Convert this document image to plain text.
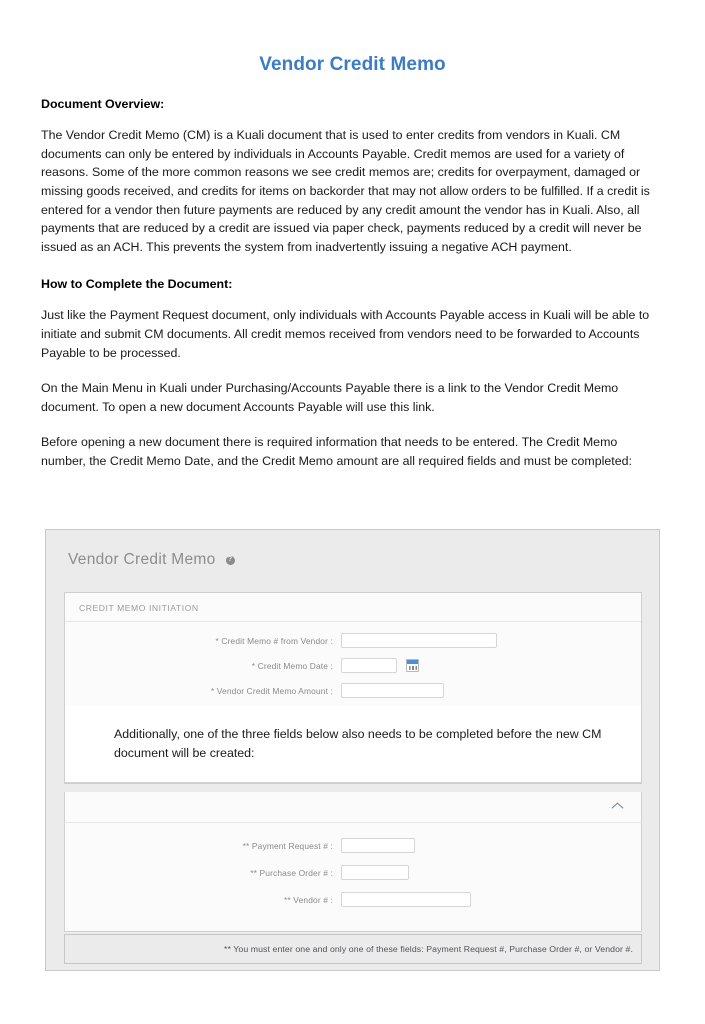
Vendor Credit Memo
Document Overview:

The Vendor Credit Memo (CM) is a Kuali document that is used to enter credits from vendors in Kuali. CM documents can only be entered by individuals in Accounts Payable. Credit memos are used for a variety of reasons. Some of the more common reasons we see credit memos are; credits for overpayment, damaged or missing goods received, and credits for items on backorder that may not allow orders to be fulfilled. If a credit is entered for a vendor then future payments are reduced by any credit amount the vendor has in Kuali. Also, all payments that are reduced by a credit are issued via paper check, payments reduced by a credit will never be issued as an ACH. This prevents the system from inadvertently issuing a negative ACH payment.

How to Complete the Document:

Just like the Payment Request document, only individuals with Accounts Payable access in Kuali will be able to initiate and submit CM documents. All credit memos received from vendors need to be forwarded to Accounts Payable to be processed.

On the Main Menu in Kuali under Purchasing/Accounts Payable there is a link to the Vendor Credit Memo document. To open a new document Accounts Payable will use this link.

Before opening a new document there is required information that needs to be entered. The Credit Memo number, the Credit Memo Date, and the Credit Memo amount are all required fields and must be completed:

Vendor Credit Memo
?
CREDIT MEMO INITIATION
* Credit Memo # from Vendor :
* Credit Memo Date :
* Vendor Credit Memo Amount :

Additionally, one of the three fields below also needs to be completed before the new CM document will be created:

** Payment Request # :
** Purchase Order # :
** Vendor # :
** You must enter one and only one of these fields: Payment Request #, Purchase Order #, or Vendor #.
